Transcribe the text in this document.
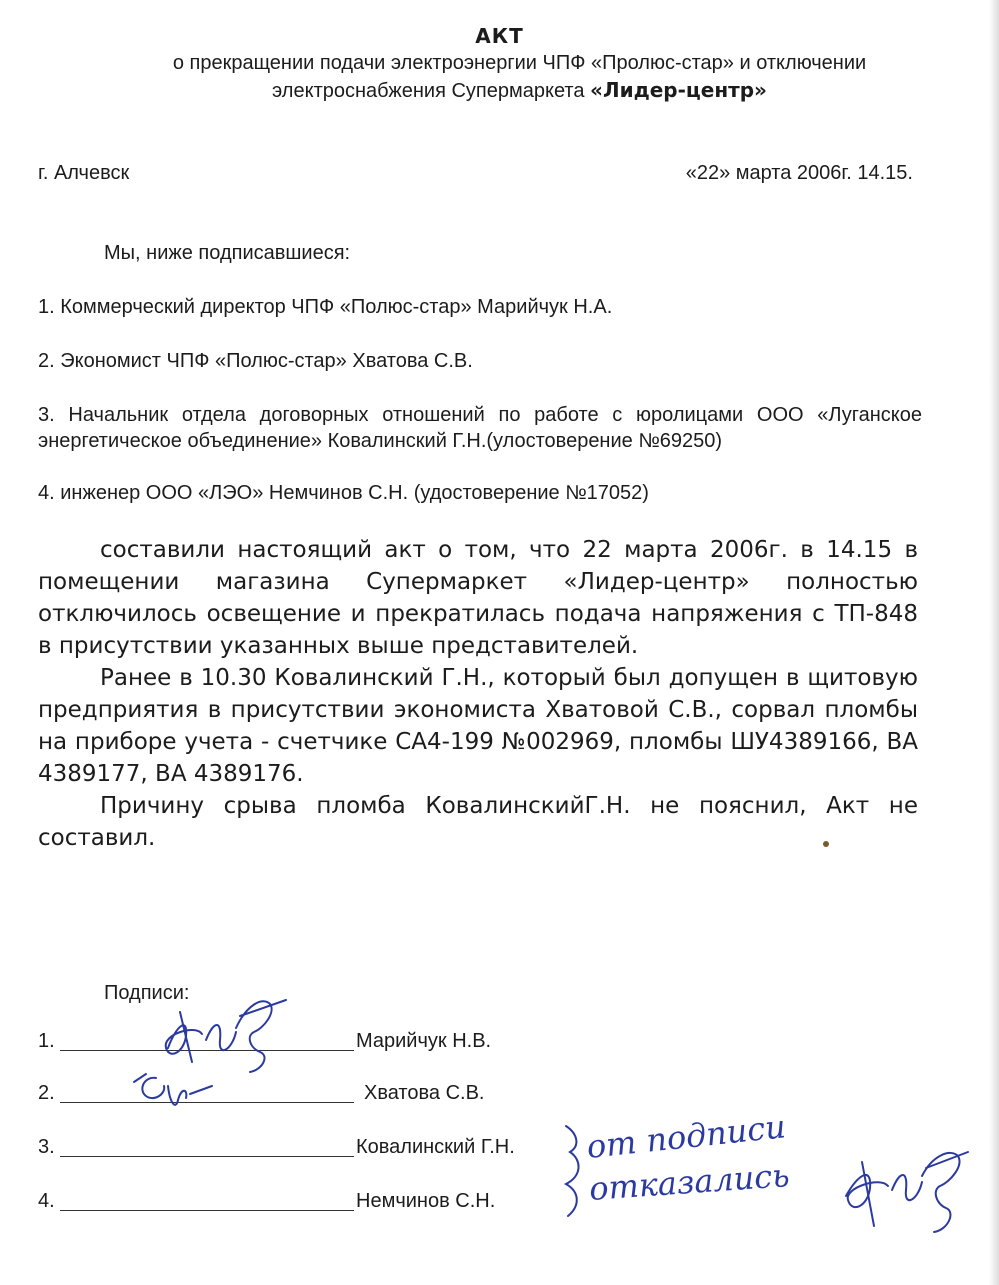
АКТ
о прекращении подачи электроэнергии ЧПФ «Пролюс-стар» и отключении
электроснабжения Супермаркета «Лидер-центр»
г. Алчевск	«22» марта 2006г. 14.15.
Мы, ниже подписавшиеся:
1. Коммерческий директор ЧПФ «Полюс-стар» Марийчук Н.А.
2. Экономист ЧПФ «Полюс-стар» Хватова С.В.
3. Начальник отдела договорных отношений по работе с юролицами ООО «Луганское энергетическое объединение» Ковалинский Г.Н.(улостоверение №69250)
4. инженер ООО «ЛЭО» Немчинов С.Н. (удостоверение №17052)

составили настоящий акт о том, что 22 марта 2006г. в 14.15 в помещении магазина Супермаркет «Лидер-центр» полностью отключилось освещение и прекратилась подача напряжения с ТП-848 в присутствии указанных выше представителей.

Ранее в 10.30 Ковалинский Г.Н., который был допущен в щитовую предприятия в присутствии экономиста Хватовой С.В., сорвал пломбы на приборе учета - счетчике СА4-199 №002969, пломбы ШУ4389166, ВА 4389177, ВА 4389176.

Причину срыва пломба КовалинскийГ.Н. не пояснил, Акт не составил.

Подписи:
1.	Марийчук Н.В.
2.	Хватова С.В.
3.	Ковалинский Г.Н.
4.	Немчинов С.Н.
от подписи
отказались
